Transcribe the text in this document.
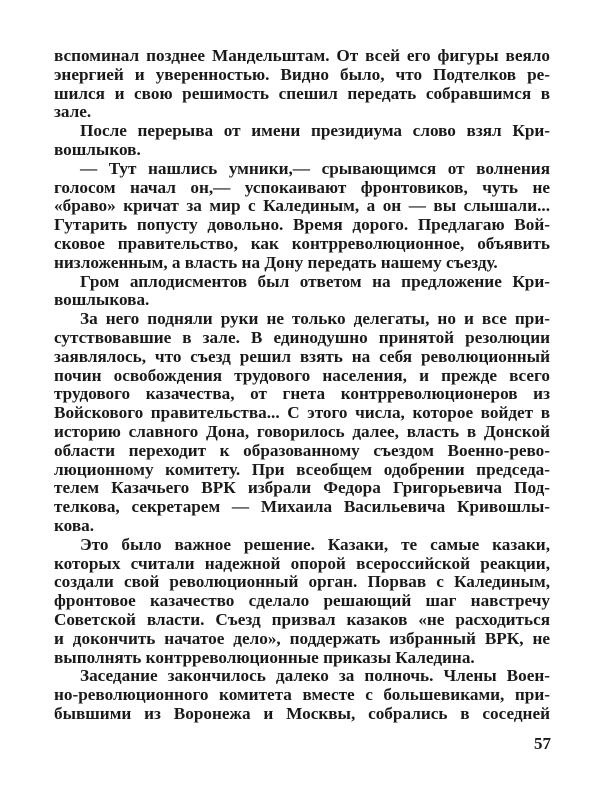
вспоминал позднее Мандельштам. От всей его фигуры веяло
энергией и уверенностью. Видно было, что Подтелков ре-
шился и свою решимость спешил передать собравшимся в
зале.
После перерыва от имени президиума слово взял Кри-
вошлыков.
— Тут нашлись умники,— срывающимся от волнения
голосом начал он,— успокаивают фронтовиков, чуть не
«браво» кричат за мир с Калединым, а он — вы слышали...
Гутарить попусту довольно. Время дорого. Предлагаю Вой-
сковое правительство, как контрреволюционное, объявить
низложенным, а власть на Дону передать нашему съезду.
Гром аплодисментов был ответом на предложение Кри-
вошлыкова.
За него подняли руки не только делегаты, но и все при-
сутствовавшие в зале. В единодушно принятой резолюции
заявлялось, что съезд решил взять на себя революционный
почин освобождения трудового населения, и прежде всего
трудового казачества, от гнета контрреволюционеров из
Войскового правительства... С этого числа, которое войдет в
историю славного Дона, говорилось далее, власть в Донской
области переходит к образованному съездом Военно-рево-
люционному комитету. При всеобщем одобрении председа-
телем Казачьего ВРК избрали Федора Григорьевича Под-
телкова, секретарем — Михаила Васильевича Кривошлы-
кова.
Это было важное решение. Казаки, те самые казаки,
которых считали надежной опорой всероссийской реакции,
создали свой революционный орган. Порвав с Калединым,
фронтовое казачество сделало решающий шаг навстречу
Советской власти. Съезд призвал казаков «не расходиться
и докончить начатое дело», поддержать избранный ВРК, не
выполнять контрреволюционные приказы Каледина.
Заседание закончилось далеко за полночь. Члены Воен-
но-революционного комитета вместе с большевиками, при-
бывшими из Воронежа и Москвы, собрались в соседней
57
